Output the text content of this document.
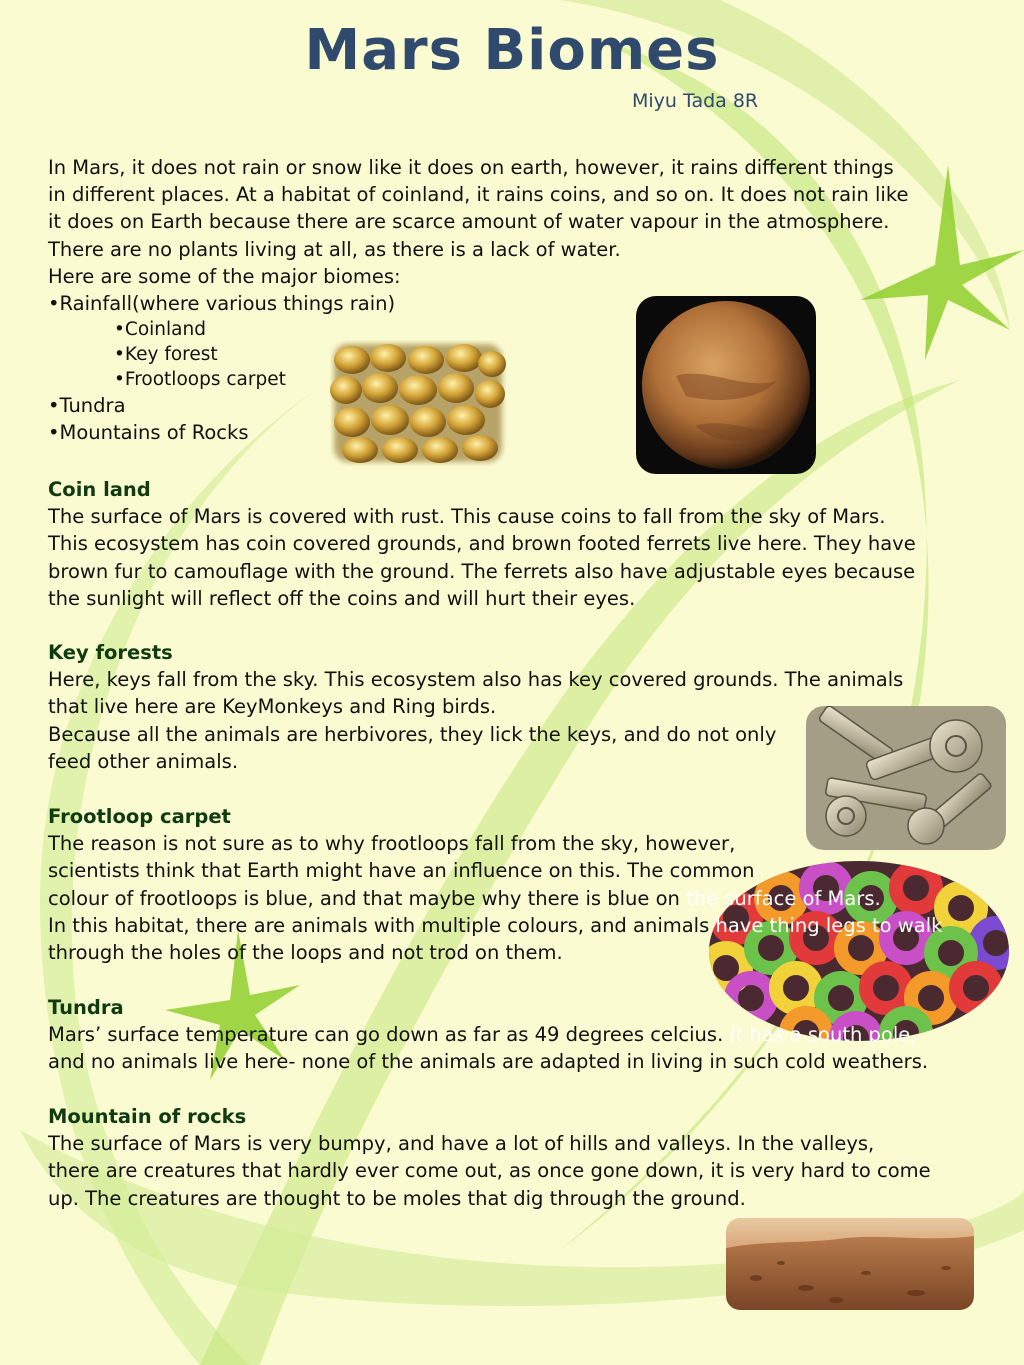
Mars Biomes
Miyu Tada 8R
In Mars, it does not rain or snow like it does on earth, however, it rains different things
in different places. At a habitat of coinland, it rains coins, and so on. It does not rain like
it does on Earth because there are scarce amount of water vapour in the atmosphere.
There are no plants living at all, as there is a lack of water.
Here are some of the major biomes:
•Rainfall(where various things rain)
•Coinland
•Key forest
•Frootloops carpet
•Tundra
•Mountains of Rocks
Coin land
The surface of Mars is covered with rust. This cause coins to fall from the sky of Mars.
This ecosystem has coin covered grounds, and brown footed ferrets live here. They have
brown fur to camouflage with the ground. The ferrets also have adjustable eyes because
the sunlight will reflect off the coins and will hurt their eyes.
Key forests
Here, keys fall from the sky. This ecosystem also has key covered grounds. The animals
that live here are KeyMonkeys and Ring birds.
Because all the animals are herbivores, they lick the keys, and do not only
feed other animals.
Frootloop carpet
The reason is not sure as to why frootloops fall from the sky, however,
scientists think that Earth might have an influence on this. The common
colour of frootloops is blue, and that maybe why there is blue on the surface of Mars.
In this habitat, there are animals with multiple colours, and animals have thing legs to walk
through the holes of the loops and not trod on them.
Tundra
Mars’ surface temperature can go down as far as 49 degrees celcius. It has a south pole,
and no animals live here- none of the animals are adapted in living in such cold weathers.
Mountain of rocks
The surface of Mars is very bumpy, and have a lot of hills and valleys. In the valleys,
there are creatures that hardly ever come out, as once gone down, it is very hard to come
up. The creatures are thought to be moles that dig through the ground.
